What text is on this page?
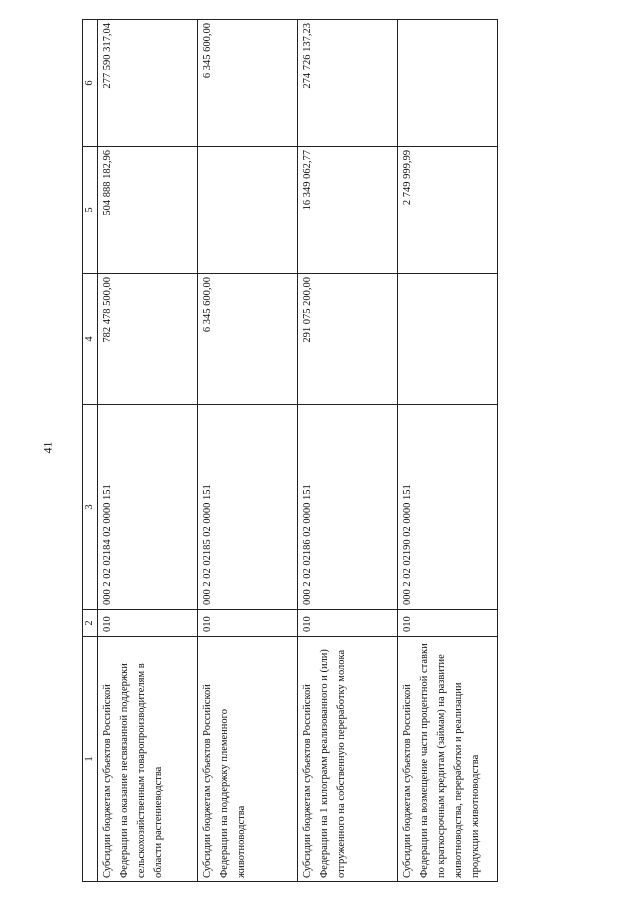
41
1	2	3	4	5	6
Субсидии бюджетам субъектов Российской Федерации на оказание несвязанной поддержки сельскохозяйственным товаропроизводителям в области растениеводства	010	000 2 02 02184 02 0000 151	782 478 500,00	504 888 182,96	277 590 317,04
Субсидии бюджетам субъектов Российской Федерации на поддержку племенного животноводства	010	000 2 02 02185 02 0000 151	6 345 600,00		6 345 600,00
Субсидии бюджетам субъектов Российской Федерации на 1 килограмм реализованного и (или) отгруженного на собственную переработку молока	010	000 2 02 02186 02 0000 151	291 075 200,00	16 349 062,77	274 726 137,23
Субсидии бюджетам субъектов Российской Федерации на возмещение части процентной ставки по краткосрочным кредитам (займам) на развитие животноводства, переработки и реализации продукции животноводства	010	000 2 02 02190 02 0000 151		2 749 999,99	
